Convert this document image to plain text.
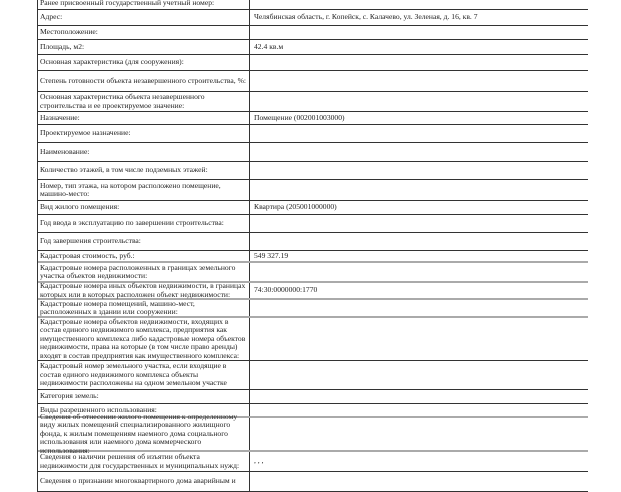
Ранее присвоенный государственный учетный номер:
Адрес:	Челябинская область, г. Копейск, с. Калачево, ул. Зеленая, д. 16, кв. 7
Местоположение:
Площадь, м2:	42.4 кв.м
Основная характеристика (для сооружения):
Степень готовности объекта незавершенного строительства, %:
Основная характеристика объекта незавершенного строительства и ее проектируемое значение:
Назначение:	Помещение (002001003000)
Проектируемое назначение:
Наименование:
Количество этажей, в том числе подземных этажей:
Номер, тип этажа, на котором расположено помещение, машино-место:
Вид жилого помещения:	Квартира (205001000000)
Год ввода в эксплуатацию по завершении строительства:
Год завершения строительства:
Кадастровая стоимость, руб.:	549 327.19
Кадастровые номера расположенных в границах земельного участка объектов недвижимости:
Кадастровые номера иных объектов недвижимости, в границах которых или в которых расположен объект недвижимости:	74:30:0000000:1770
Кадастровые номера помещений, машино-мест, расположенных в здании или сооружении:
Кадастровые номера объектов недвижимости, входящих в состав единого недвижимого комплекса, предприятия как имущественного комплекса либо кадастровые номера объектов недвижимости, права на которые (в том числе право аренды) входят в состав предприятия как имущественного комплекса:
Кадастровый номер земельного участка, если входящие в состав единого недвижимого комплекса объекты недвижимости расположены на одном земельном участке
Категория земель:
Виды разрешенного использования:
Сведения об отнесении жилого помещения к определенному виду жилых помещений специализированного жилищного фонда, к жилым помещениям наемного дома социального использования или наемного дома коммерческого использования:
Сведения о наличии решения об изъятии объекта недвижимости для государственных и муниципальных нужд:	, , ,
Сведения о признании многоквартирного дома аварийным и
